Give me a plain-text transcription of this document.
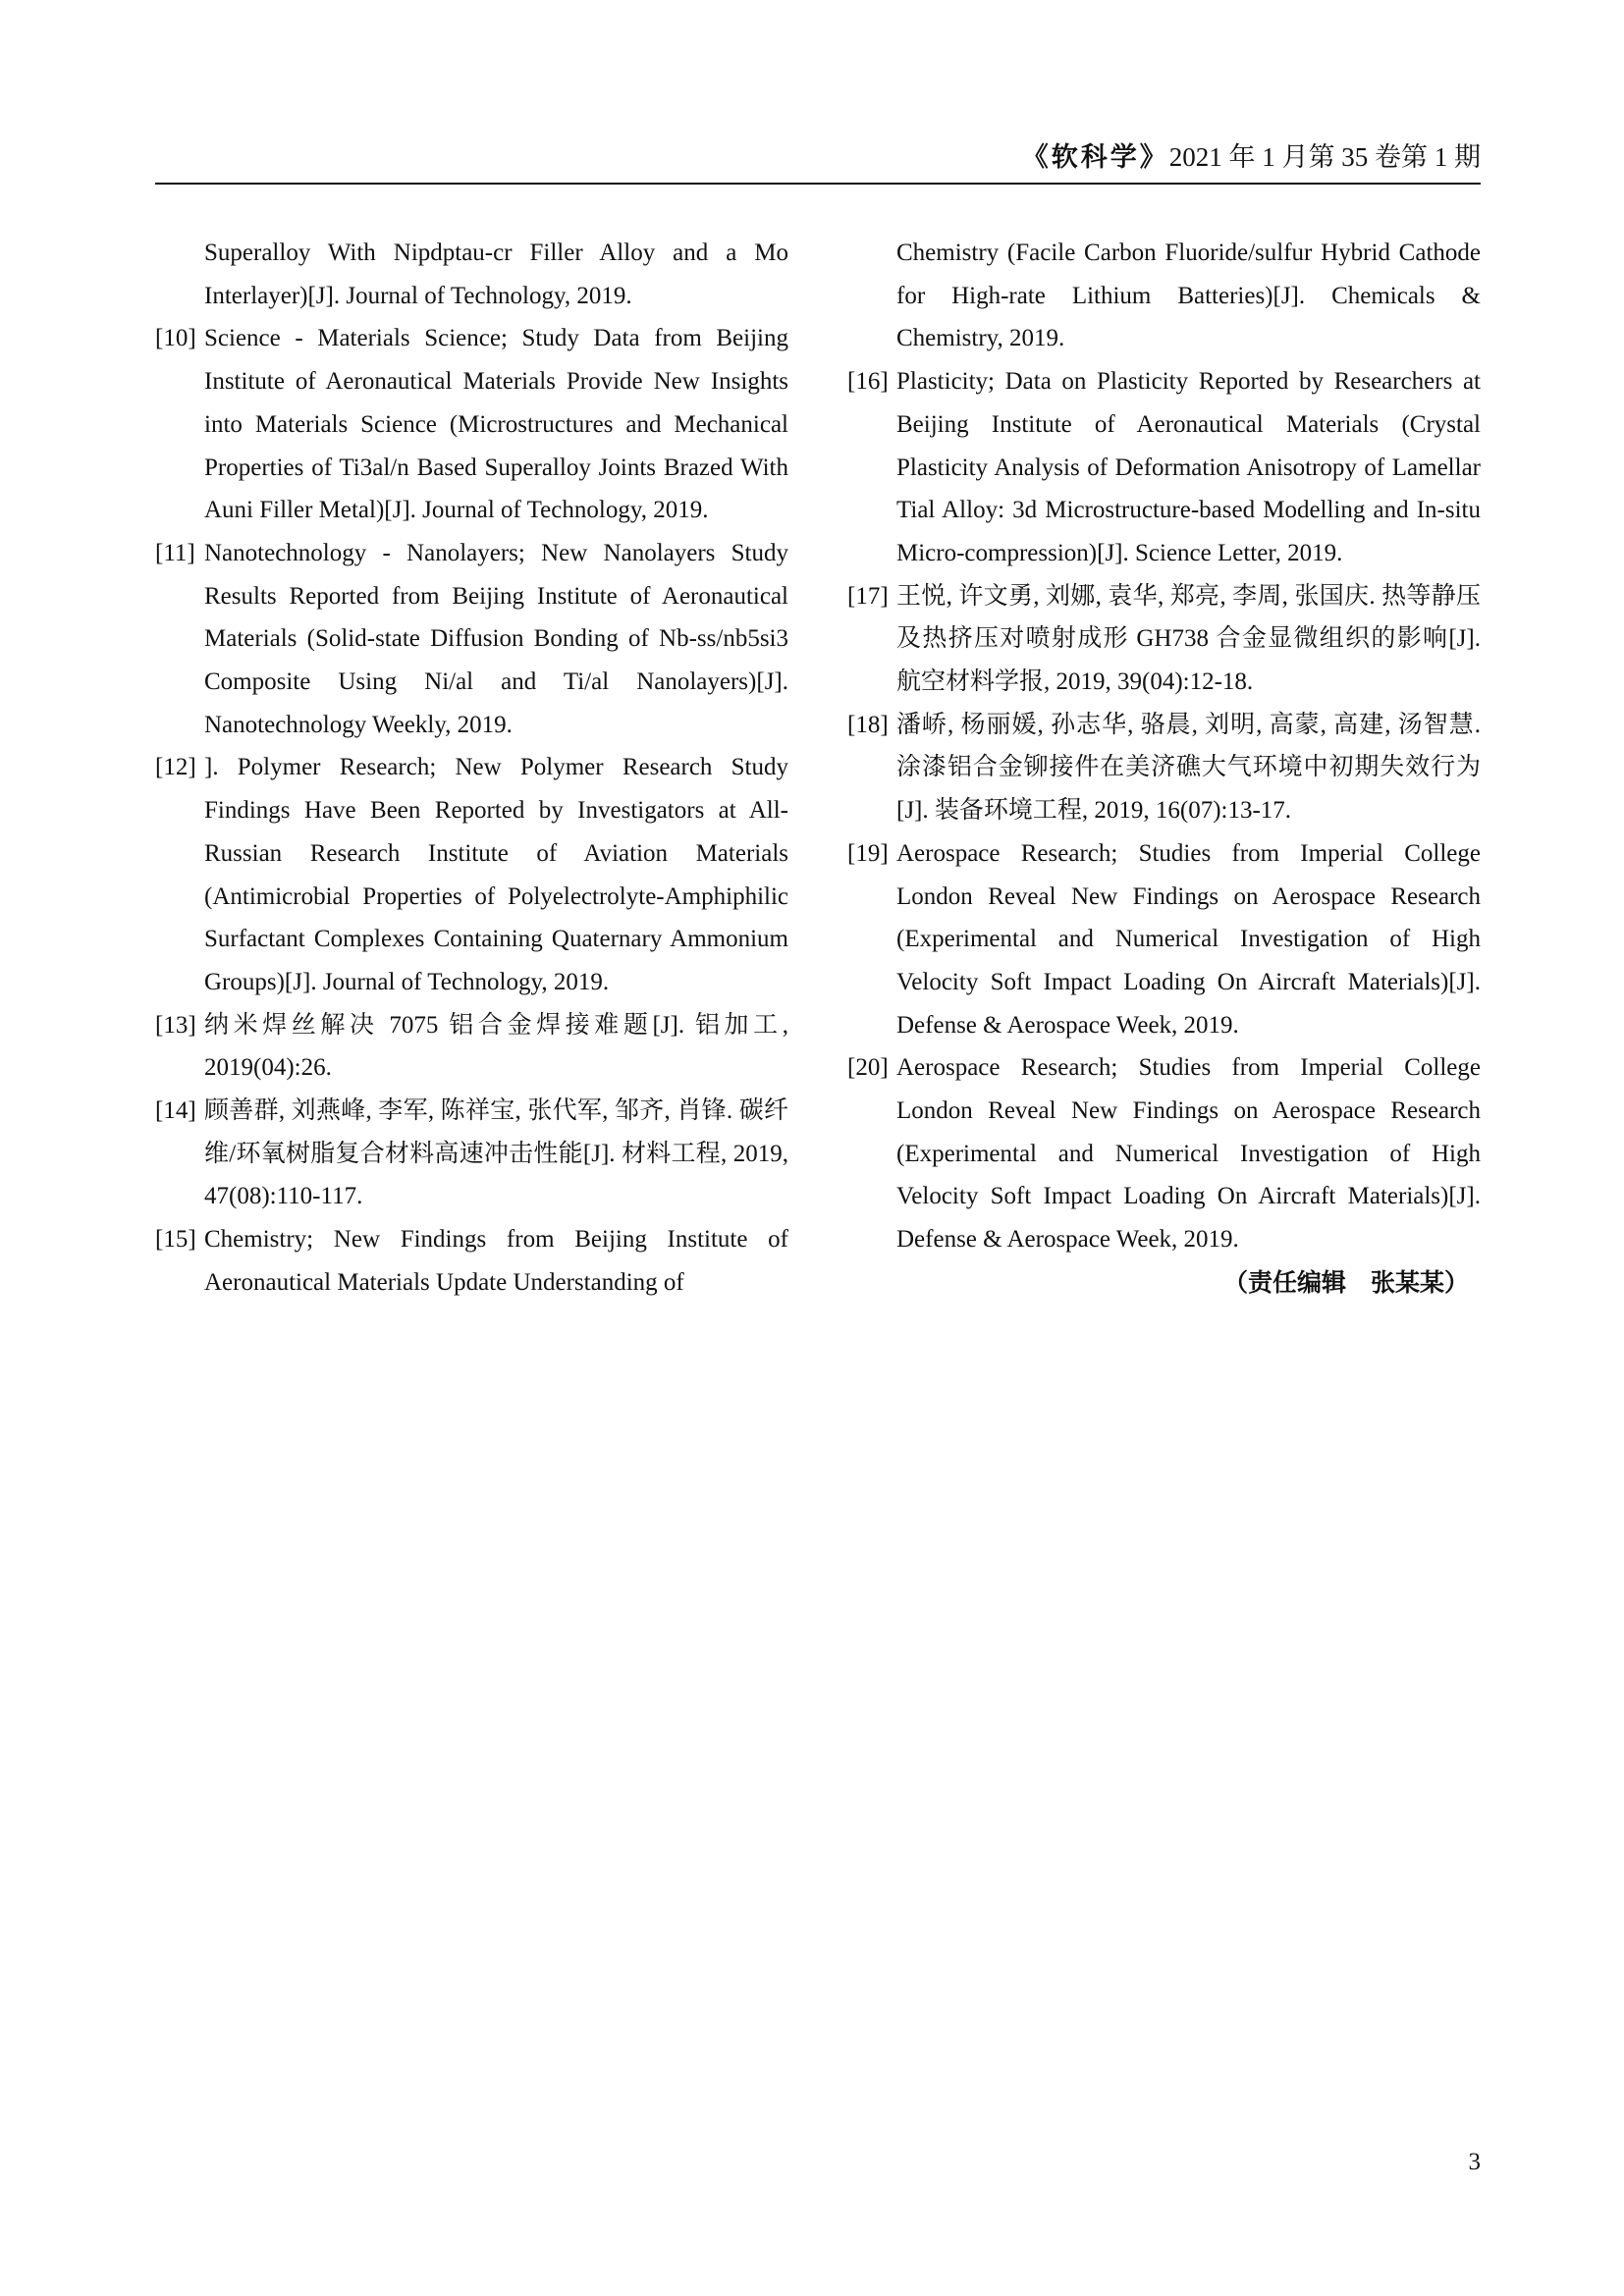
《软科学》2021 年 1 月第 35 卷第 1 期
Superalloy With Nipdptau-cr Filler Alloy and a Mo Interlayer)[J]. Journal of Technology, 2019.
[10] Science - Materials Science; Study Data from Beijing Institute of Aeronautical Materials Provide New Insights into Materials Science (Microstructures and Mechanical Properties of Ti3al/n Based Superalloy Joints Brazed With Auni Filler Metal)[J]. Journal of Technology, 2019.
[11] Nanotechnology - Nanolayers; New Nanolayers Study Results Reported from Beijing Institute of Aeronautical Materials (Solid-state Diffusion Bonding of Nb-ss/nb5si3 Composite Using Ni/al and Ti/al Nanolayers)[J]. Nanotechnology Weekly, 2019.
[12] ]. Polymer Research; New Polymer Research Study Findings Have Been Reported by Investigators at All-Russian Research Institute of Aviation Materials (Antimicrobial Properties of Polyelectrolyte-Amphiphilic Surfactant Complexes Containing Quaternary Ammonium Groups)[J]. Journal of Technology, 2019.
[13] 纳米焊丝解决 7075 铝合金焊接难题[J]. 铝加工, 2019(04):26.
[14] 顾善群, 刘燕峰, 李军, 陈祥宝, 张代军, 邹齐, 肖锋. 碳纤维/环氧树脂复合材料高速冲击性能[J]. 材料工程, 2019, 47(08):110-117.
[15] Chemistry; New Findings from Beijing Institute of Aeronautical Materials Update Understanding of
Chemistry (Facile Carbon Fluoride/sulfur Hybrid Cathode for High-rate Lithium Batteries)[J]. Chemicals & Chemistry, 2019.
[16] Plasticity; Data on Plasticity Reported by Researchers at Beijing Institute of Aeronautical Materials (Crystal Plasticity Analysis of Deformation Anisotropy of Lamellar Tial Alloy: 3d Microstructure-based Modelling and In-situ Micro-compression)[J]. Science Letter, 2019.
[17] 王悦, 许文勇, 刘娜, 袁华, 郑亮, 李周, 张国庆. 热等静压及热挤压对喷射成形 GH738 合金显微组织的影响[J]. 航空材料学报, 2019, 39(04):12-18.
[18] 潘峤, 杨丽媛, 孙志华, 骆晨, 刘明, 高蒙, 高建, 汤智慧. 涂漆铝合金铆接件在美济礁大气环境中初期失效行为[J]. 装备环境工程, 2019, 16(07):13-17.
[19] Aerospace Research; Studies from Imperial College London Reveal New Findings on Aerospace Research (Experimental and Numerical Investigation of High Velocity Soft Impact Loading On Aircraft Materials)[J]. Defense & Aerospace Week, 2019.
[20] Aerospace Research; Studies from Imperial College London Reveal New Findings on Aerospace Research (Experimental and Numerical Investigation of High Velocity Soft Impact Loading On Aircraft Materials)[J]. Defense & Aerospace Week, 2019.
（责任编辑　张某某）
3
